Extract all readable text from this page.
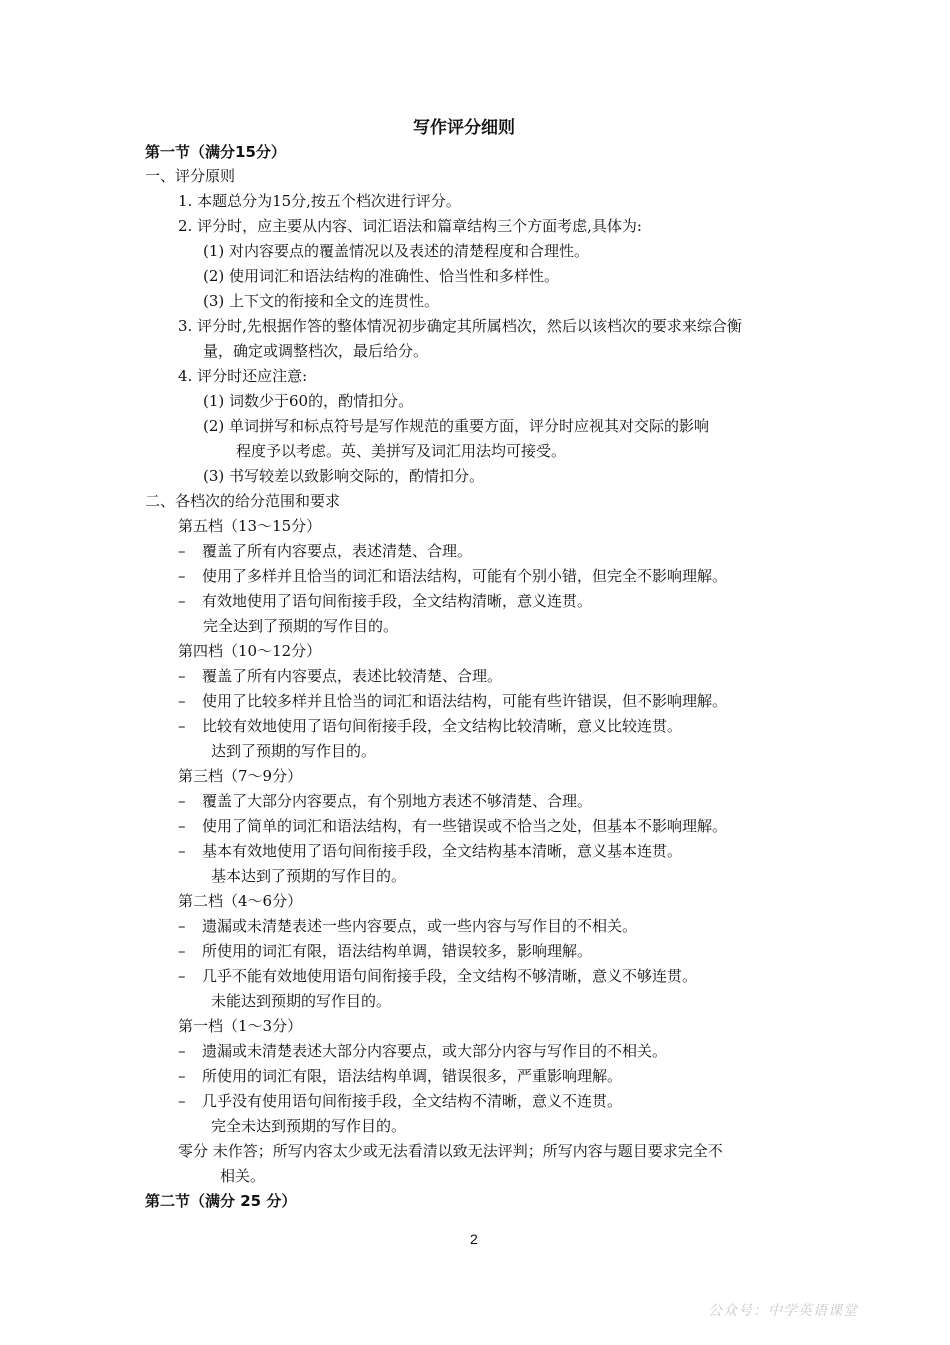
写作评分细则
第一节（满分15分）
一、评分原则
1. 本题总分为15分,按五个档次进行评分。
2. 评分时，应主要从内容、词汇语法和篇章结构三个方面考虑,具体为:
(1) 对内容要点的覆盖情况以及表述的清楚程度和合理性。
(2) 使用词汇和语法结构的准确性、恰当性和多样性。
(3) 上下文的衔接和全文的连贯性。
3. 评分时,先根据作答的整体情况初步确定其所属档次，然后以该档次的要求来综合衡
量，确定或调整档次，最后给分。
4. 评分时还应注意:
(1) 词数少于60的，酌情扣分。
(2) 单词拼写和标点符号是写作规范的重要方面，评分时应视其对交际的影响
程度予以考虑。英、美拼写及词汇用法均可接受。
(3) 书写较差以致影响交际的，酌情扣分。
二、各档次的给分范围和要求
第五档（13～15分）
– 覆盖了所有内容要点，表述清楚、合理。
– 使用了多样并且恰当的词汇和语法结构，可能有个别小错，但完全不影响理解。
– 有效地使用了语句间衔接手段，全文结构清晰，意义连贯。
完全达到了预期的写作目的。
第四档（10～12分）
– 覆盖了所有内容要点，表述比较清楚、合理。
– 使用了比较多样并且恰当的词汇和语法结构，可能有些许错误，但不影响理解。
– 比较有效地使用了语句间衔接手段，全文结构比较清晰，意义比较连贯。
达到了预期的写作目的。
第三档（7～9分）
– 覆盖了大部分内容要点，有个别地方表述不够清楚、合理。
– 使用了简单的词汇和语法结构，有一些错误或不恰当之处，但基本不影响理解。
– 基本有效地使用了语句间衔接手段，全文结构基本清晰，意义基本连贯。
基本达到了预期的写作目的。
第二档（4～6分）
– 遗漏或未清楚表述一些内容要点，或一些内容与写作目的不相关。
– 所使用的词汇有限，语法结构单调，错误较多，影响理解。
– 几乎不能有效地使用语句间衔接手段，全文结构不够清晰，意义不够连贯。
未能达到预期的写作目的。
第一档（1～3分）
– 遗漏或未清楚表述大部分内容要点，或大部分内容与写作目的不相关。
– 所使用的词汇有限，语法结构单调，错误很多，严重影响理解。
– 几乎没有使用语句间衔接手段，全文结构不清晰，意义不连贯。
完全未达到预期的写作目的。
零分 未作答；所写内容太少或无法看清以致无法评判；所写内容与题目要求完全不
相关。
第二节（满分 25 分）
2
公众号：中学英语课堂
